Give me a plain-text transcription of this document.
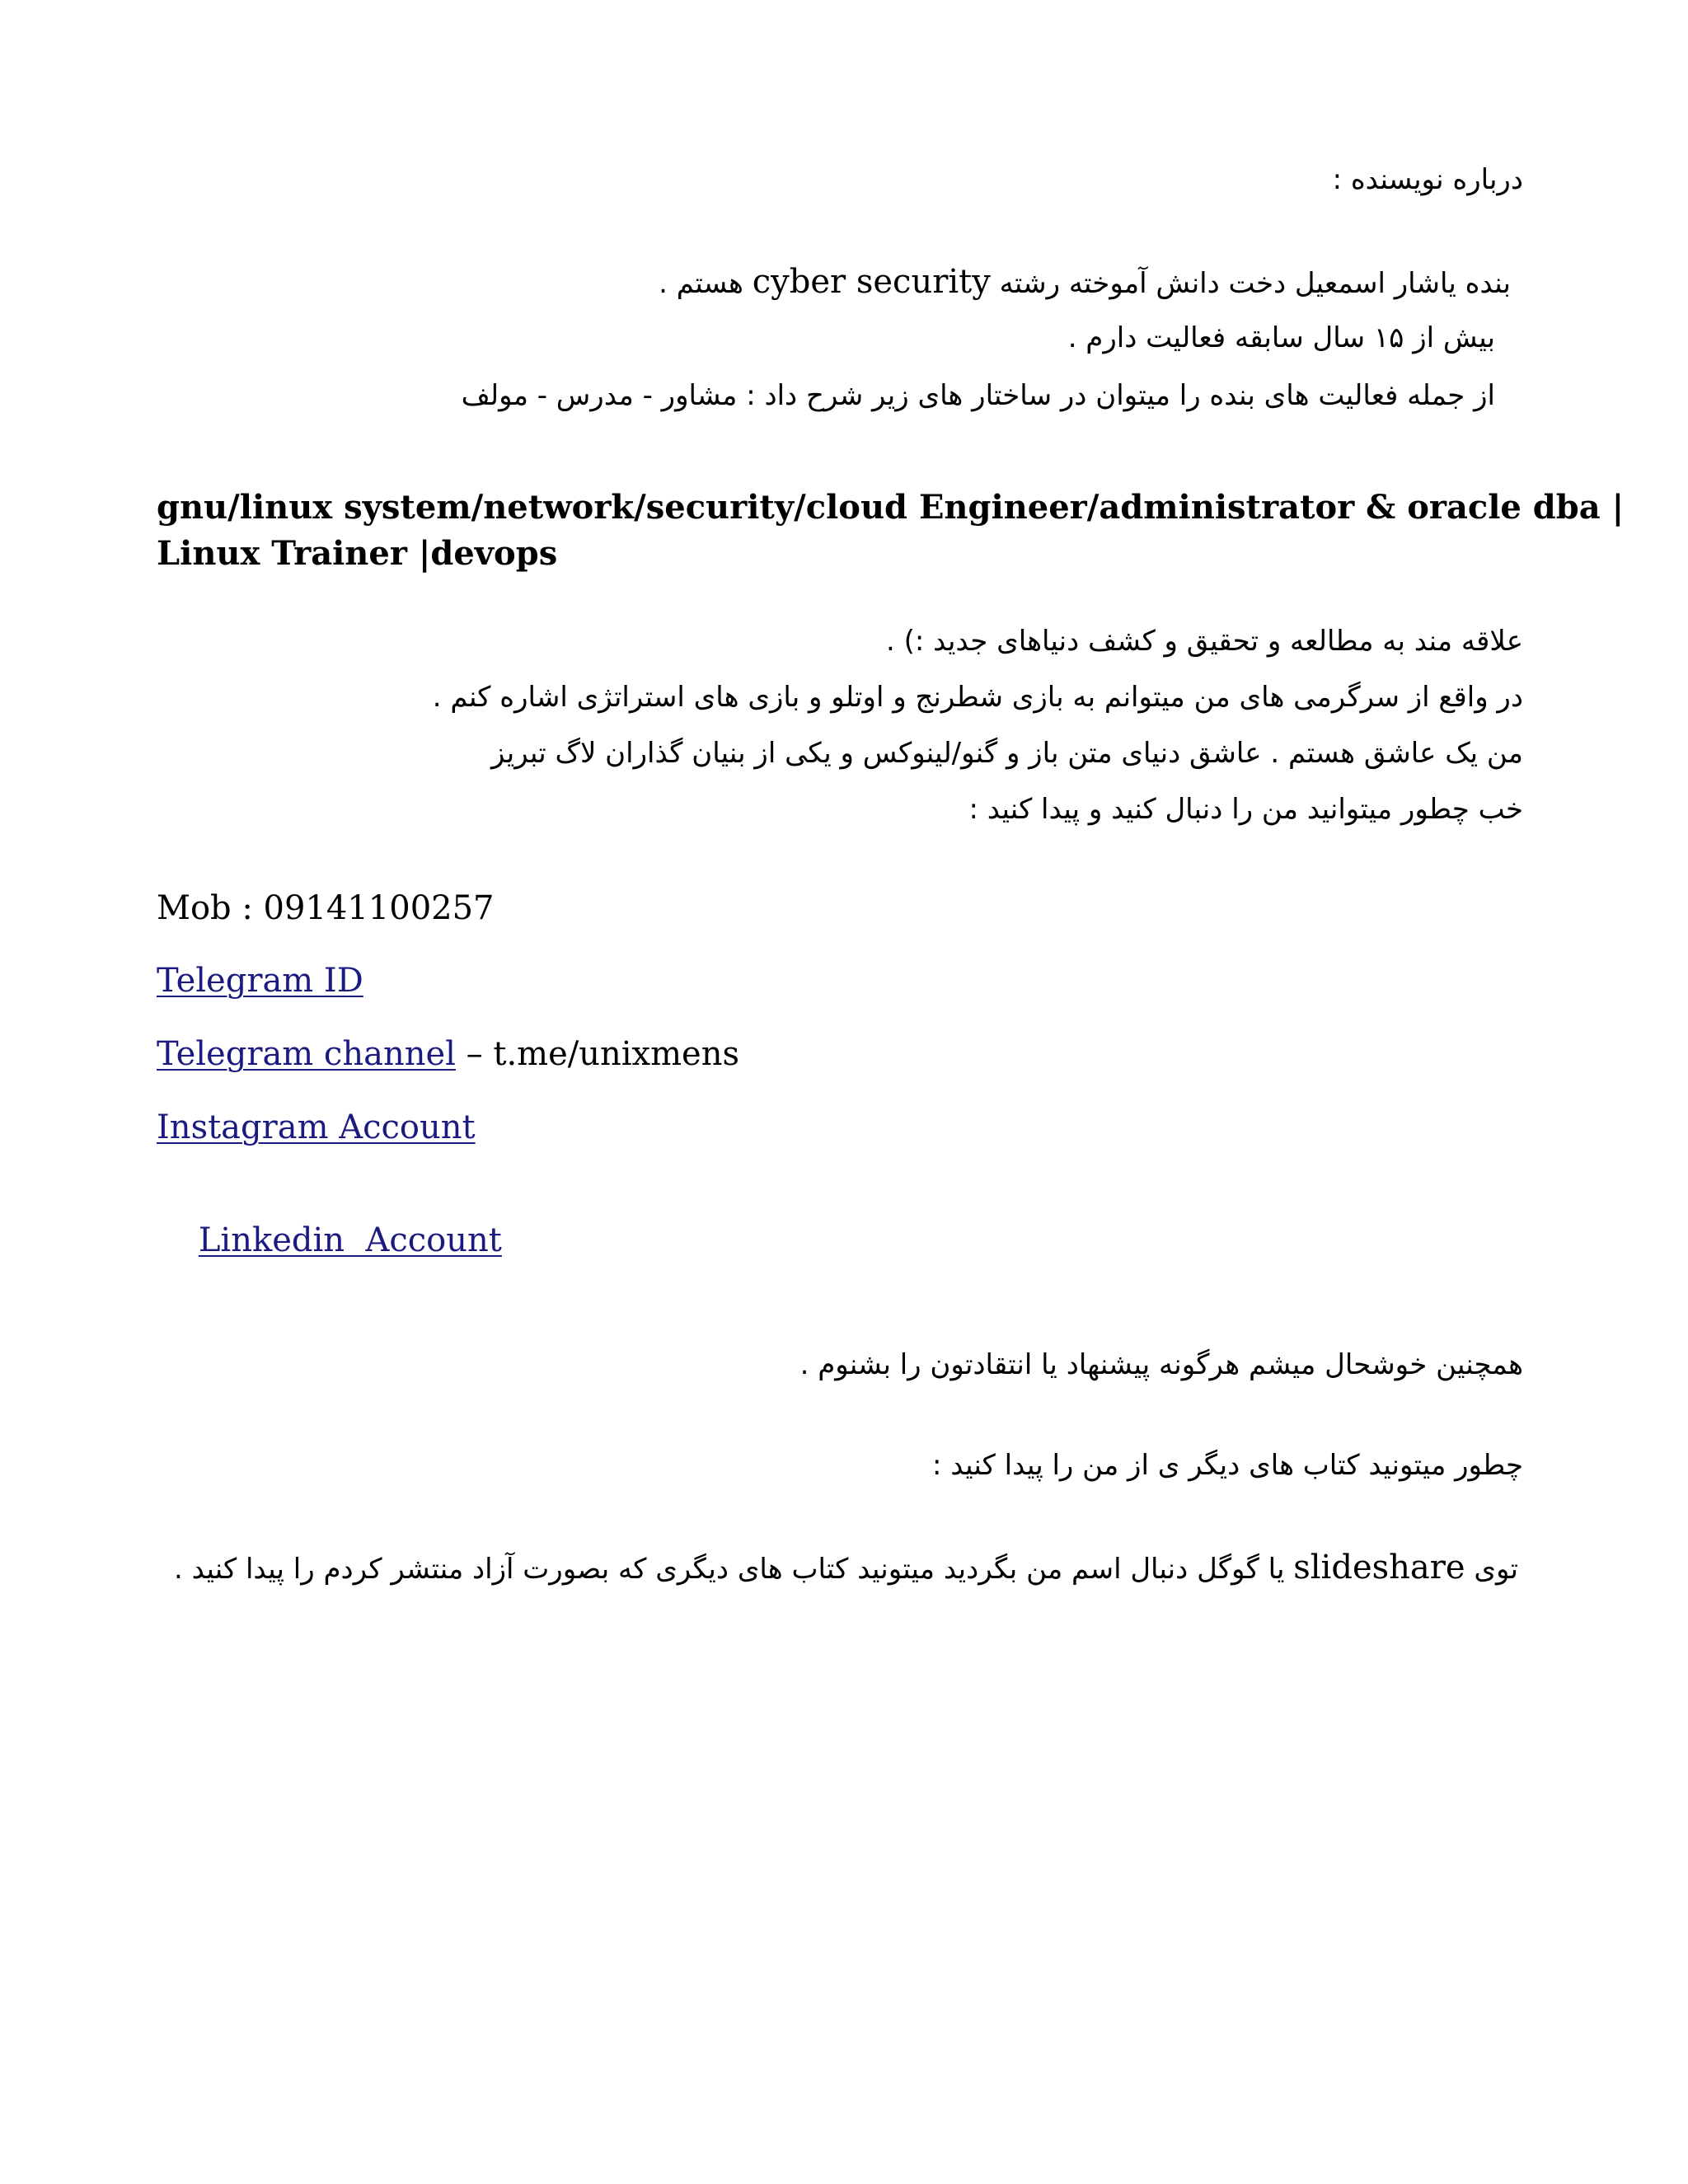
درباره نویسنده :
بنده یاشار اسمعیل دخت دانش آموخته رشته cyber security هستم .
بیش از ۱۵ سال سابقه فعالیت دارم .
از جمله فعالیت های بنده را میتوان در ساختار های زیر شرح داد : مشاور - مدرس - مولف
gnu/linux system/network/security/cloud Engineer/administrator & oracle dba |
Linux Trainer |devops
علاقه مند به مطالعه و تحقیق و کشف دنیاهای جدید :) .
در واقع از سرگرمی های من میتوانم به بازی شطرنج و اوتلو و بازی های استراتژی اشاره کنم .
من یک عاشق هستم . عاشق دنیای متن باز و گنو/لینوکس و یکی از بنیان گذاران لاگ تبریز
خب چطور میتوانید من را دنبال کنید و پیدا کنید :
Mob : 09141100257
Telegram ID
Telegram channel – t.me/unixmens
Instagram Account

Linkedin  Account

همچنین خوشحال میشم هرگونه پیشنهاد یا انتقادتون را بشنوم .
چطور میتونید کتاب های دیگر ی از من را پیدا کنید :
توی slideshare یا گوگل دنبال اسم من بگردید میتونید کتاب های دیگری که بصورت آزاد منتشر کردم را پیدا کنید .
